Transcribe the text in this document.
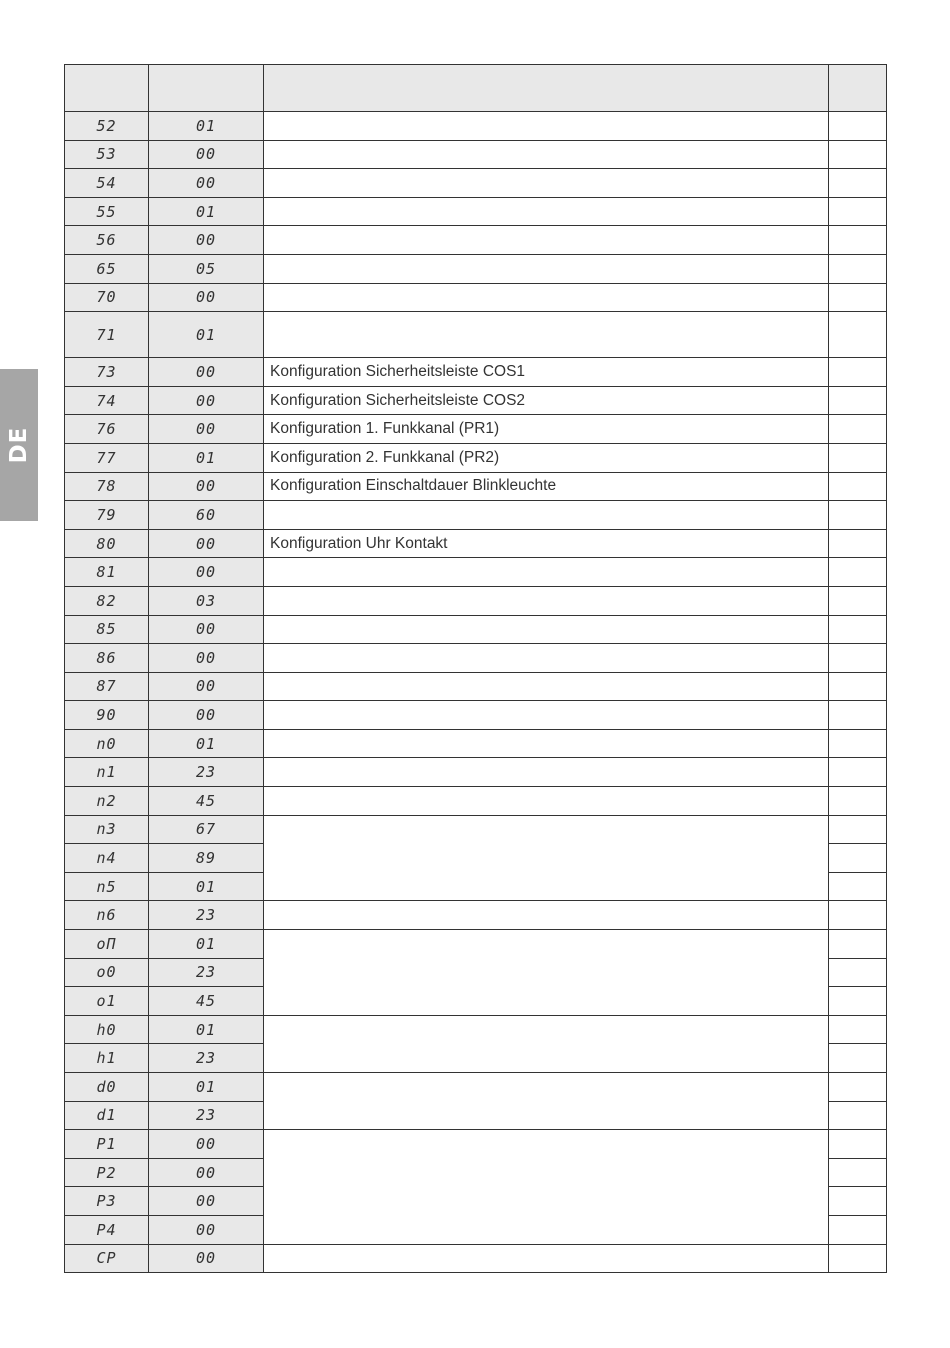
DE

52	01		
53	00		
54	00		
55	01		
56	00		
65	05		
70	00		
71	01		
73	00	Konfiguration Sicherheitsleiste COS1	
74	00	Konfiguration Sicherheitsleiste COS2	
76	00	Konfiguration 1. Funkkanal (PR1)	
77	01	Konfiguration 2. Funkkanal (PR2)	
78	00	Konfiguration Einschaltdauer Blinkleuchte	
79	60		
80	00	Konfiguration Uhr Kontakt	
81	00		
82	03		
85	00		
86	00		
87	00		
90	00		
n0	01		
n1	23		
n2	45		
n3	67		
n4	89		
n5	01		
n6	23		
oП	01		
o0	23		
o1	45		
h0	01		
h1	23		
d0	01		
d1	23		
P1	00		
P2	00		
P3	00		
P4	00		
CP	00		
